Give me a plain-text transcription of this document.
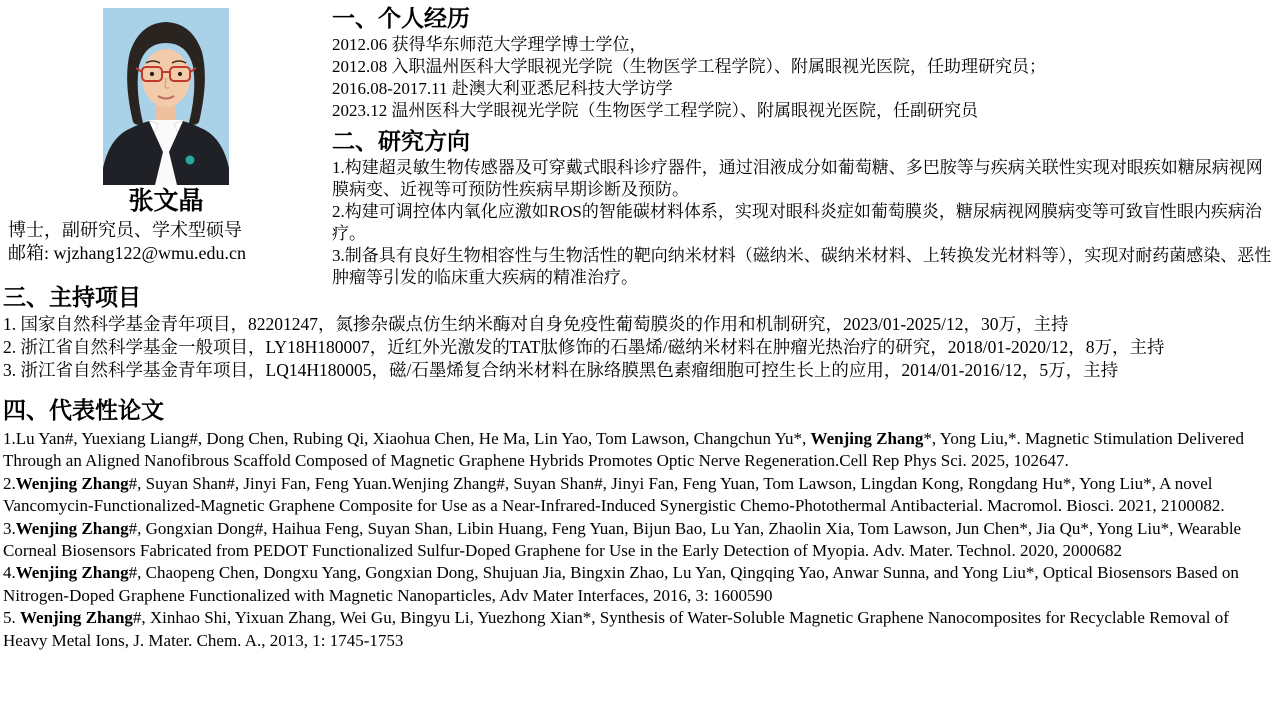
张文晶
博士，副研究员、学术型硕导
邮箱: wjzhang122@wmu.edu.cn
一、个人经历
2012.06 获得华东师范大学理学博士学位，
2012.08 入职温州医科大学眼视光学院（生物医学工程学院）、附属眼视光医院，任助理研究员；
2016.08-2017.11 赴澳大利亚悉尼科技大学访学
2023.12 温州医科大学眼视光学院（生物医学工程学院）、附属眼视光医院，任副研究员
二、研究方向
1.构建超灵敏生物传感器及可穿戴式眼科诊疗器件，通过泪液成分如葡萄糖、多巴胺等与疾病关联性实现对眼疾如糖尿病视网膜病变、近视等可预防性疾病早期诊断及预防。
2.构建可调控体内氧化应激如ROS的智能碳材料体系，实现对眼科炎症如葡萄膜炎，糖尿病视网膜病变等可致盲性眼内疾病治疗。
3.制备具有良好生物相容性与生物活性的靶向纳米材料（磁纳米、碳纳米材料、上转换发光材料等），实现对耐药菌感染、恶性肿瘤等引发的临床重大疾病的精准治疗。
三、主持项目
1. 国家自然科学基金青年项目，82201247，氮掺杂碳点仿生纳米酶对自身免疫性葡萄膜炎的作用和机制研究，2023/01-2025/12，30万，主持
2. 浙江省自然科学基金一般项目，LY18H180007，近红外光激发的TAT肽修饰的石墨烯/磁纳米材料在肿瘤光热治疗的研究，2018/01-2020/12，8万，主持
3. 浙江省自然科学基金青年项目，LQ14H180005，磁/石墨烯复合纳米材料在脉络膜黑色素瘤细胞可控生长上的应用，2014/01-2016/12，5万，主持
四、代表性论文
1.Lu Yan#, Yuexiang Liang#, Dong Chen, Rubing Qi, Xiaohua Chen, He Ma, Lin Yao, Tom Lawson, Changchun Yu*, Wenjing Zhang*, Yong Liu,*. Magnetic Stimulation Delivered Through an Aligned Nanofibrous Scaffold Composed of Magnetic Graphene Hybrids Promotes Optic Nerve Regeneration.Cell Rep Phys Sci. 2025, 102647.
2.Wenjing Zhang#, Suyan Shan#, Jinyi Fan, Feng Yuan.Wenjing Zhang#, Suyan Shan#, Jinyi Fan, Feng Yuan, Tom Lawson, Lingdan Kong, Rongdang Hu*, Yong Liu*, A novel Vancomycin-Functionalized-Magnetic Graphene Composite for Use as a Near-Infrared-Induced Synergistic Chemo-Photothermal Antibacterial. Macromol. Biosci. 2021, 2100082.
3.Wenjing Zhang#, Gongxian Dong#, Haihua Feng, Suyan Shan, Libin Huang, Feng Yuan, Bijun Bao, Lu Yan, Zhaolin Xia, Tom Lawson, Jun Chen*, Jia Qu*, Yong Liu*, Wearable Corneal Biosensors Fabricated from PEDOT Functionalized Sulfur-Doped Graphene for Use in the Early Detection of Myopia. Adv. Mater. Technol. 2020, 2000682
4.Wenjing Zhang#, Chaopeng Chen, Dongxu Yang, Gongxian Dong, Shujuan Jia, Bingxin Zhao, Lu Yan, Qingqing Yao, Anwar Sunna, and Yong Liu*, Optical Biosensors Based on Nitrogen-Doped Graphene Functionalized with Magnetic Nanoparticles, Adv Mater Interfaces, 2016, 3: 1600590
5. Wenjing Zhang#, Xinhao Shi, Yixuan Zhang, Wei Gu, Bingyu Li, Yuezhong Xian*, Synthesis of Water-Soluble Magnetic Graphene Nanocomposites for Recyclable Removal of Heavy Metal Ions, J. Mater. Chem. A., 2013, 1: 1745-1753
